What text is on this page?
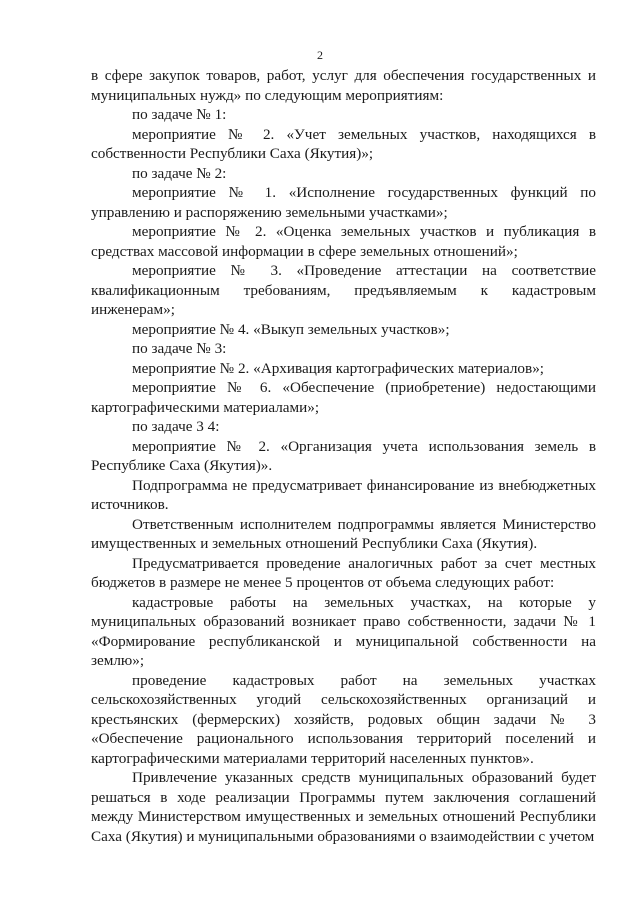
2

в сфере закупок товаров, работ, услуг для обеспечения государственных и муниципальных нужд» по следующим мероприятиям:

по задаче № 1:

мероприятие № 2. «Учет земельных участков, находящихся в собственности Республики Саха (Якутия)»;

по задаче № 2:

мероприятие № 1. «Исполнение государственных функций по управлению и распоряжению земельными участками»;

мероприятие № 2. «Оценка земельных участков и публикация в средствах массовой информации в сфере земельных отношений»;

мероприятие № 3. «Проведение аттестации на соответствие квалификационным требованиям, предъявляемым к кадастровым инженерам»;

мероприятие № 4. «Выкуп земельных участков»;

по задаче № 3:

мероприятие № 2. «Архивация картографических материалов»;

мероприятие № 6. «Обеспечение (приобретение) недостающими картографическими материалами»;

по задаче 3 4:

мероприятие № 2. «Организация учета использования земель в Республике Саха (Якутия)».

Подпрограмма не предусматривает финансирование из внебюджетных источников.

Ответственным исполнителем подпрограммы является Министерство имущественных и земельных отношений Республики Саха (Якутия).

Предусматривается проведение аналогичных работ за счет местных бюджетов в размере не менее 5 процентов от объема следующих работ:

кадастровые работы на земельных участках, на которые у муниципальных образований возникает право собственности, задачи № 1 «Формирование республиканской и муниципальной собственности на землю»;

проведение кадастровых работ на земельных участках сельскохозяйственных угодий сельскохозяйственных организаций и крестьянских (фермерских) хозяйств, родовых общин задачи № 3 «Обеспечение рационального использования территорий поселений и картографическими материалами территорий населенных пунктов».

Привлечение указанных средств муниципальных образований будет решаться в ходе реализации Программы путем заключения соглашений между Министерством имущественных и земельных отношений Республики Саха (Якутия) и муниципальными образованиями о взаимодействии с учетом
